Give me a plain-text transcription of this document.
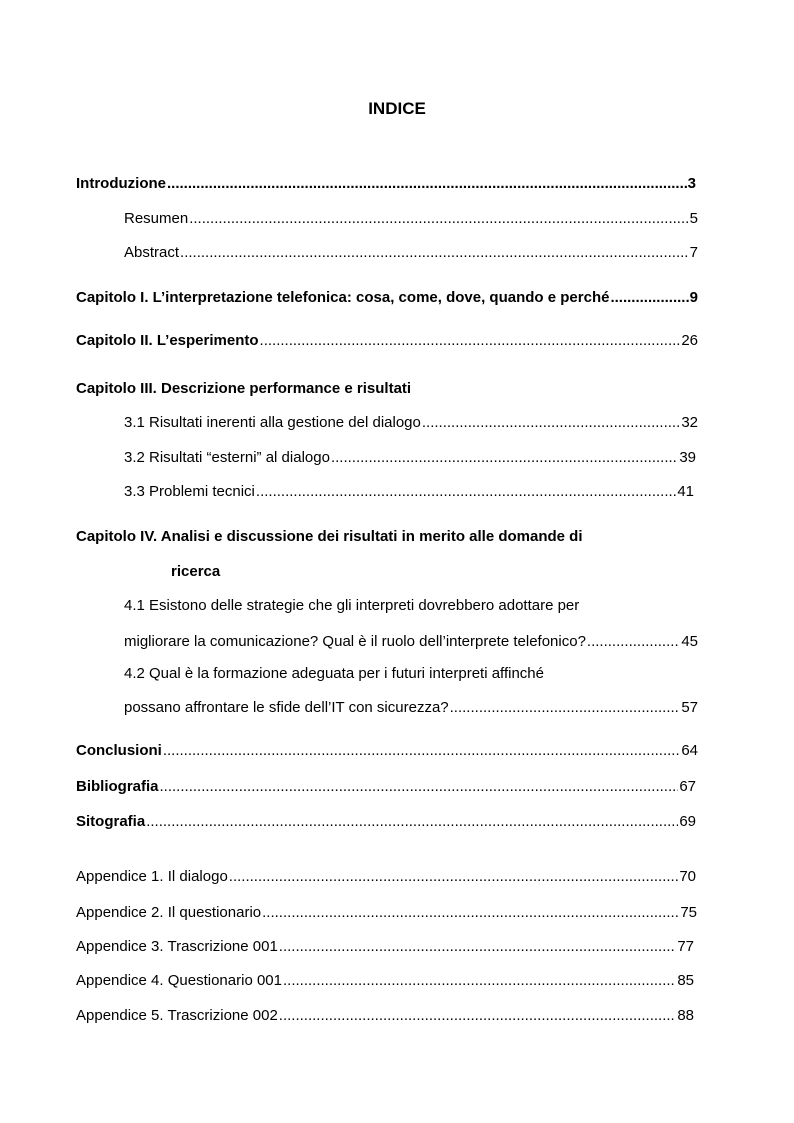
INDICE
Introduzione .....	3
Resumen .....	5
Abstract .....	7
Capitolo I. L’interpretazione telefonica: cosa, come, dove, quando e perché .....	9
Capitolo II. L’esperimento .....	26
Capitolo III. Descrizione performance e risultati
3.1 Risultati inerenti alla gestione del dialogo .....	32
3.2 Risultati “esterni” al dialogo .....	39
3.3 Problemi tecnici .....	41
Capitolo IV. Analisi e discussione dei risultati in merito alle domande di
ricerca
4.1 Esistono delle strategie che gli interpreti dovrebbero adottare per
migliorare la comunicazione? Qual è il ruolo dell’interprete telefonico? .....	45
4.2 Qual è la formazione adeguata per i futuri interpreti affinché
possano affrontare le sfide dell’IT con sicurezza? .....	57
Conclusioni .....	64
Bibliografia .....	67
Sitografia .....	69
Appendice 1. Il dialogo .....	70
Appendice 2. Il questionario .....	75
Appendice 3. Trascrizione 001 .....	77
Appendice 4. Questionario 001 .....	85
Appendice 5. Trascrizione 002 .....	88
